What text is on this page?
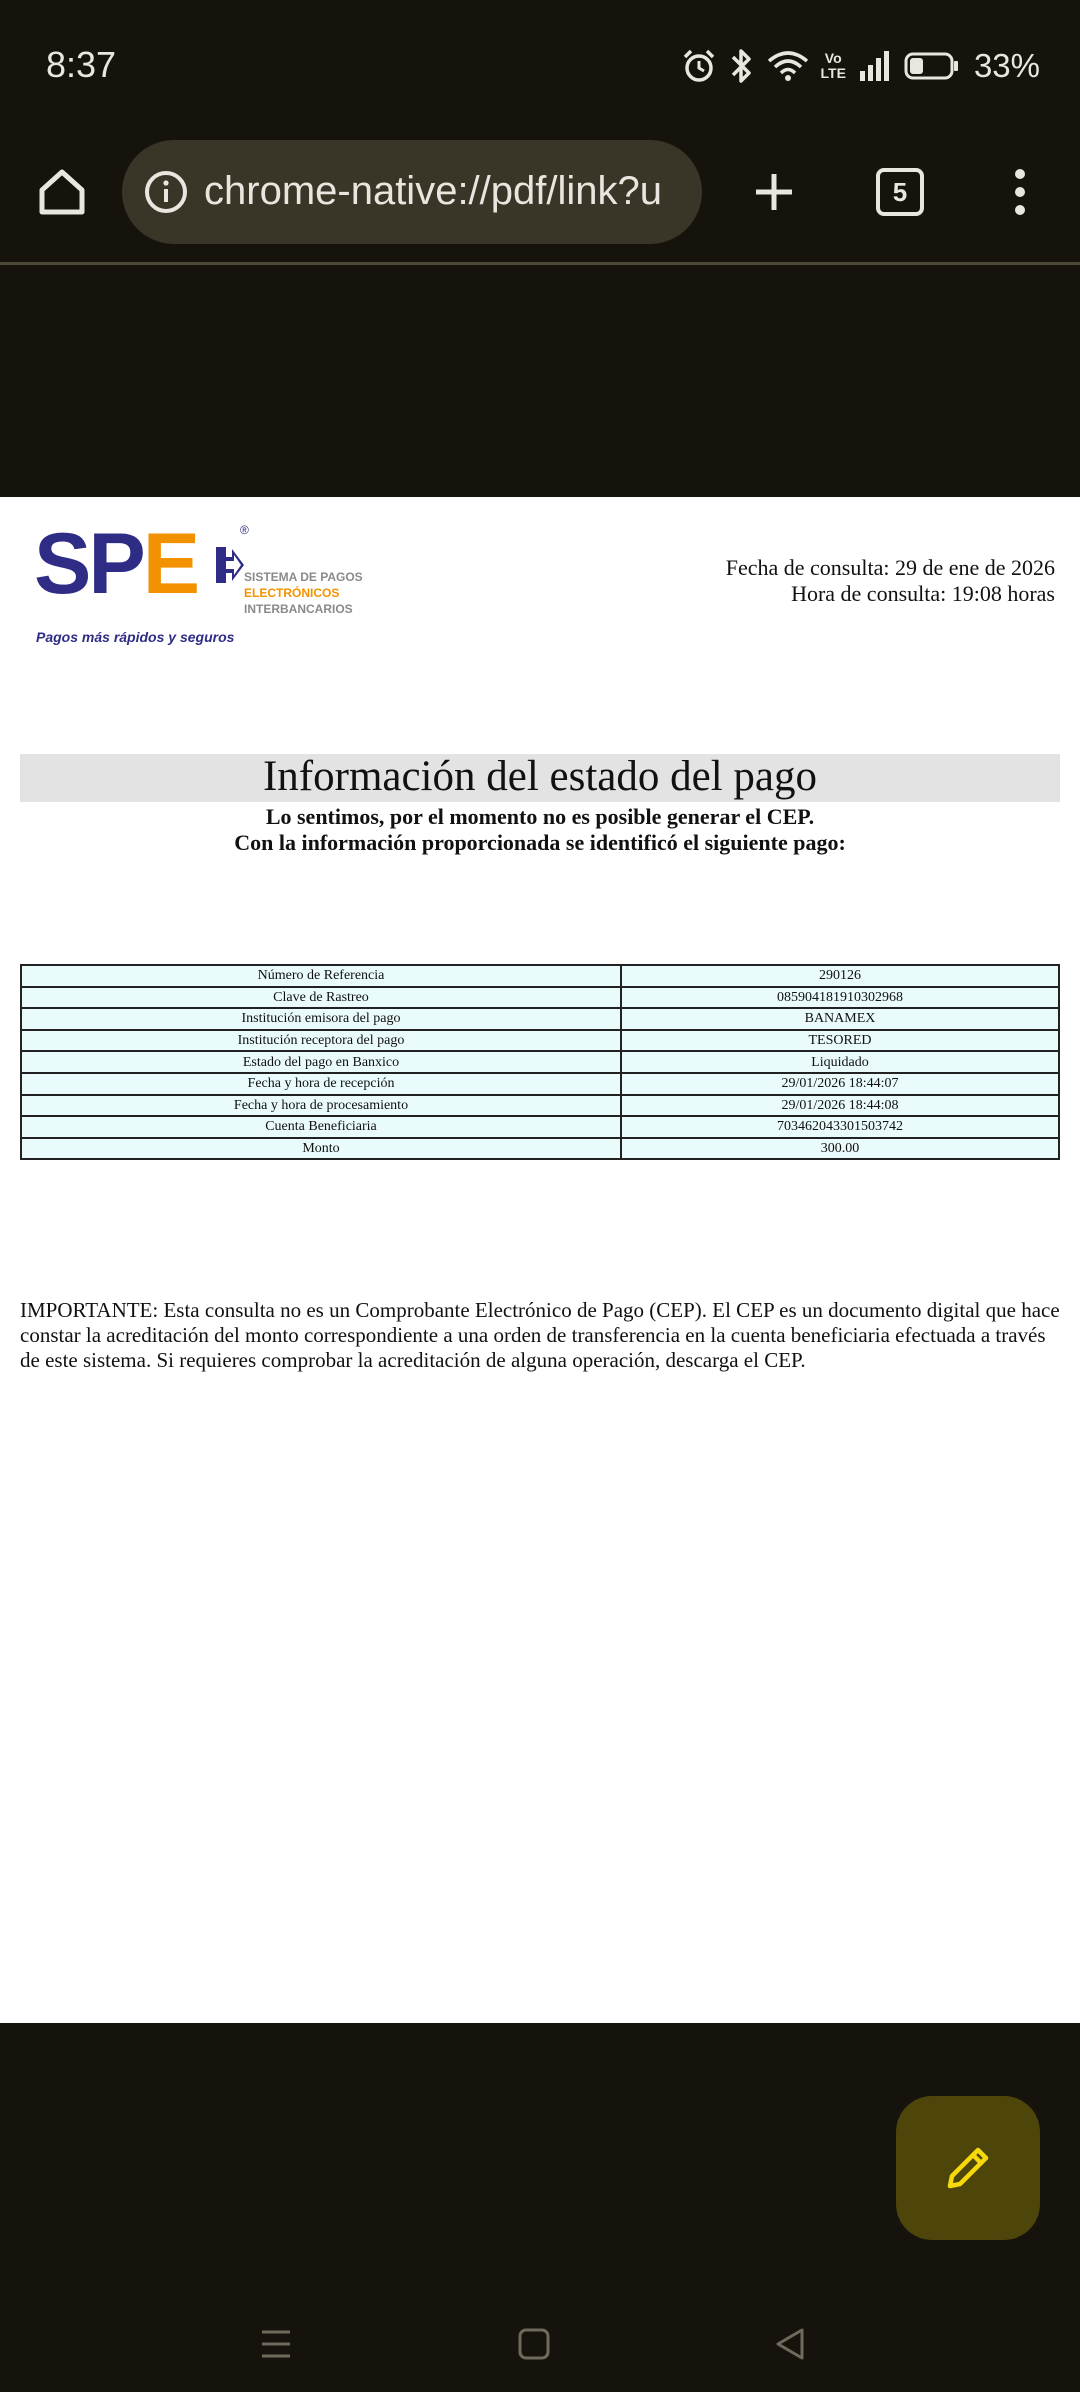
8:37	Vo
LTE	33%
chrome-native://pdf/link?u	5
SPE	®
SISTEMA DE PAGOS
ELECTRÓNICOS
INTERBANCARIOS
Pagos más rápidos y seguros
Fecha de consulta: 29 de ene de 2026
Hora de consulta: 19:08 horas
Información del estado del pago
Lo sentimos, por el momento no es posible generar el CEP.
Con la información proporcionada se identificó el siguiente pago:
Número de Referencia	290126
Clave de Rastreo	085904181910302968
Institución emisora del pago	BANAMEX
Institución receptora del pago	TESORED
Estado del pago en Banxico	Liquidado
Fecha y hora de recepción	29/01/2026 18:44:07
Fecha y hora de procesamiento	29/01/2026 18:44:08
Cuenta Beneficiaria	703462043301503742
Monto	300.00
IMPORTANTE: Esta consulta no es un Comprobante Electrónico de Pago (CEP). El CEP es un documento digital que hace constar la acreditación del monto correspondiente a una orden de transferencia en la cuenta beneficiaria efectuada a través de este sistema. Si requieres comprobar la acreditación de alguna operación, descarga el CEP.
